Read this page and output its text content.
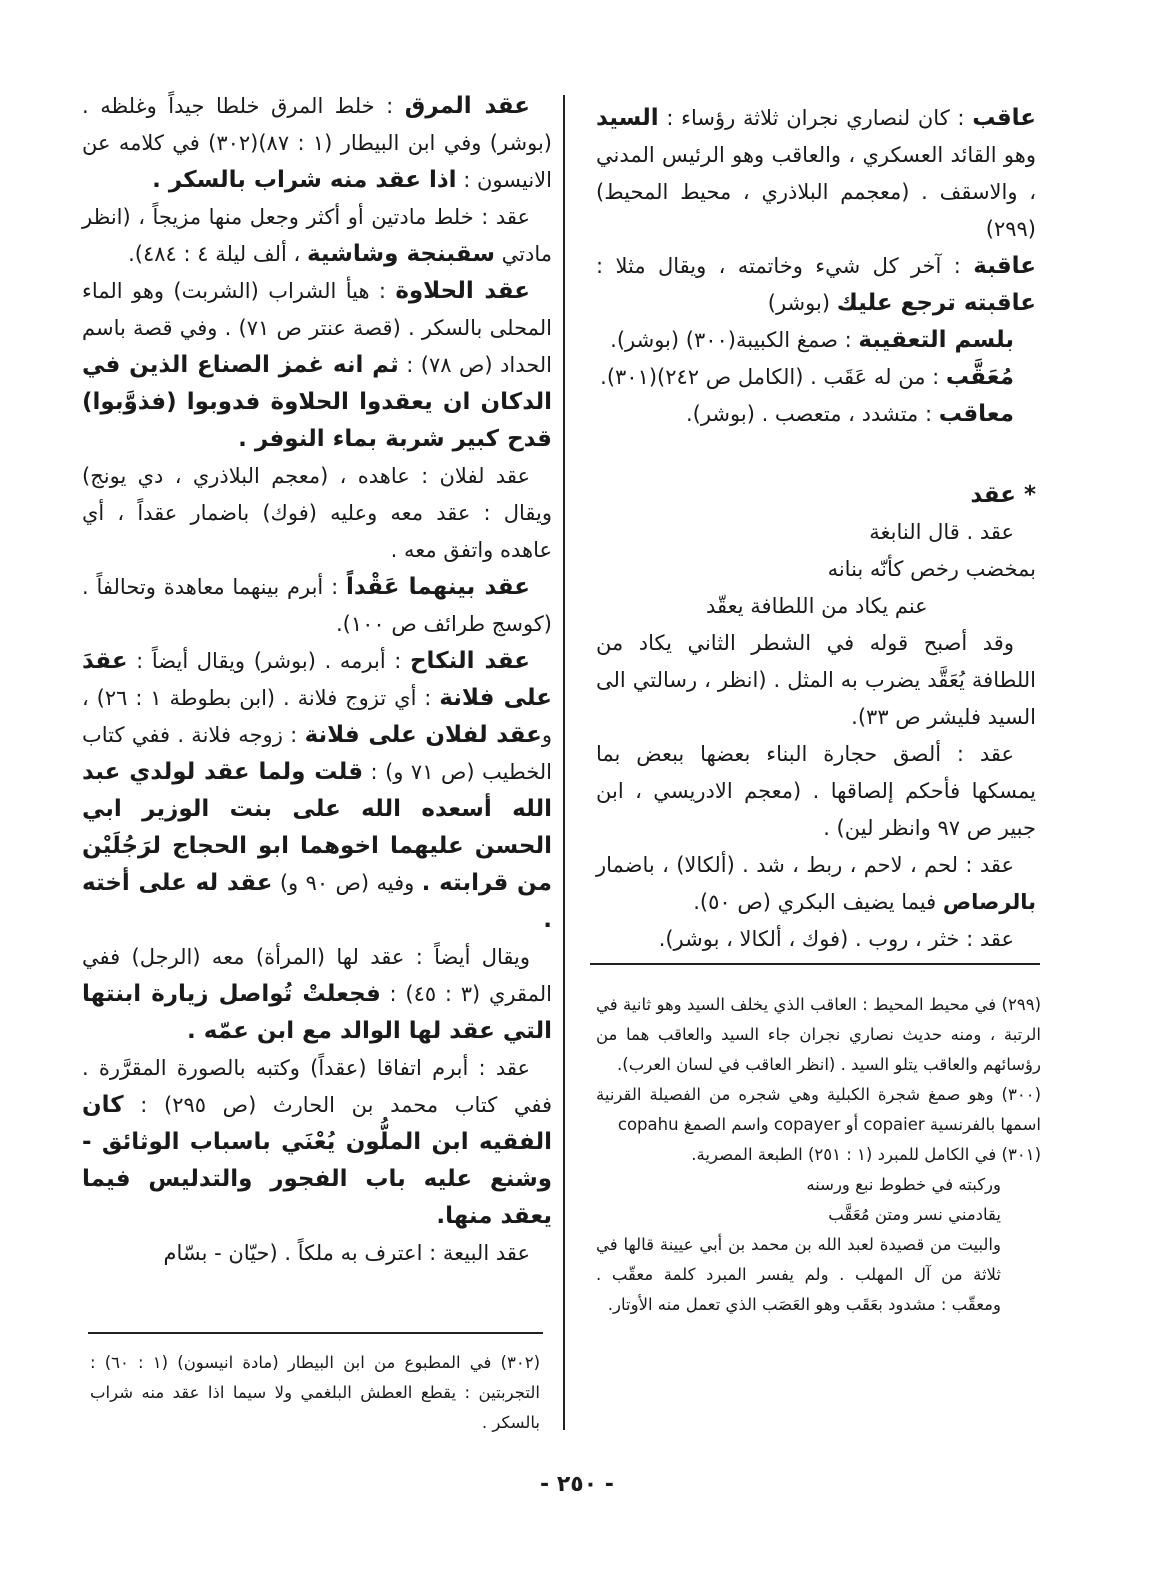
عاقب : كان لنصاري نجران ثلاثة رؤساء : السيد وهو القائد العسكري ، والعاقب وهو الرئيس المدني ، والاسقف . (معجمم البلاذري ، محيط المحيط)(٢٩٩)

عاقبة : آخر كل شيء وخاتمته ، ويقال مثلا : عاقبته ترجع عليك (بوشر)

بلسم التعقيبة : صمغ الكبيبة(٣٠٠) (بوشر).

مُعَقَّب : من له عَقَب . (الكامل ص ٢٤٢)(٣٠١).

معاقب : متشدد ، متعصب . (بوشر).

* عقد

عقد . قال النابغة

بمخضب رخص كأنّه بنانه

عنم يكاد من اللطافة يعقّد

وقد أصبح قوله في الشطر الثاني يكاد من اللطافة يُعَقَّد يضرب به المثل . (انظر ، رسالتي الى السيد فليشر ص ٣٣).

عقد : ألصق حجارة البناء بعضها ببعض بما يمسكها فأحكم إلصاقها . (معجم الادريسي ، ابن جبير ص ٩٧ وانظر لين) .

عقد : لحم ، لاحم ، ربط ، شد . (ألكالا) ، باضمار بالرصاص فيما يضيف البكري (ص ٥٠).

عقد : خثر ، روب . (فوك ، ألكالا ، بوشر).

عقد المرق : خلط المرق خلطا جيداً وغلظه . (بوشر) وفي ابن البيطار (١ : ٨٧)(٣٠٢) في كلامه عن الانيسون : اذا عقد منه شراب بالسكر .

عقد : خلط مادتين أو أكثر وجعل منها مزيجاً ، (انظر مادتي سقبنجة وشاشية ، ألف ليلة ٤ : ٤٨٤).

عقد الحلاوة : هيأ الشراب (الشربت) وهو الماء المحلى بالسكر . (قصة عنتر ص ٧١) . وفي قصة باسم الحداد (ص ٧٨) : ثم انه غمز الصناع الذين في الدكان ان يعقدوا الحلاوة فدوبوا (فذوَّبوا) قدح كبير شربة بماء النوفر .

عقد لفلان : عاهده ، (معجم البلاذري ، دي يونج) ويقال : عقد معه وعليه (فوك) باضمار عقداً ، أي عاهده واتفق معه .

عقد بينهما عَقْداً : أبرم بينهما معاهدة وتحالفاً . (كوسج طرائف ص ١٠٠).

عقد النكاح : أبرمه . (بوشر) ويقال أيضاً : عقدَ على فلانة : أي تزوج فلانة . (ابن بطوطة ١ : ٢٦) ، وعقد لفلان على فلانة : زوجه فلانة . ففي كتاب الخطيب (ص ٧١ و) : قلت ولما عقد لولدي عبد الله أسعده الله على بنت الوزير ابي الحسن عليهما اخوهما ابو الحجاج لرَجُلَيْن من قرابته . وفيه (ص ٩٠ و) عقد له على أخته .

ويقال أيضاً : عقد لها (المرأة) معه (الرجل) ففي المقري (٣ : ٤٥) : فجعلتْ تُواصل زيارة ابنتها التي عقد لها الوالد مع ابن عمّه .

عقد : أبرم اتفاقا (عقداً) وكتبه بالصورة المقرَّرة . ففي كتاب محمد بن الحارث (ص ٢٩٥) : كان الفقيه ابن الملُّون يُعْنَي باسباب الوثائق - وشنع عليه باب الفجور والتدليس فيما يعقد منها.

عقد البيعة : اعترف به ملكاً . (حيّان - بسّام

(٢٩٩) في محيط المحيط : العاقب الذي يخلف السيد وهو ثانية في الرتبة ، ومنه حديث نصاري نجران جاء السيد والعاقب هما من رؤسائهم والعاقب يتلو السيد . (انظر العاقب في لسان العرب).

(٣٠٠) وهو صمغ شجرة الكبلية وهي شجره من الفصيلة القرنية اسمها بالفرنسية copaier أو copayer واسم الصمغ copahu

(٣٠١) في الكامل للمبرد (١ : ٢٥١) الطبعة المصرية.

وركبته في خطوط نبع ورسنه

يقادمني نسر ومتن مُعَقَّب

والبيت من قصيدة لعبد الله بن محمد بن أبي عيينة قالها في ثلاثة من آل المهلب . ولم يفسر المبرد كلمة معقّب . ومعقّب : مشدود بعَقَب وهو العَصَب الذي تعمل منه الأوتار.

(٣٠٢) في المطبوع من ابن البيطار (مادة انيسون) (١ : ٦٠) : التجربتين : يقطع العطش البلغمي ولا سيما اذا عقد منه شراب بالسكر .

- ٢٥٠ -
